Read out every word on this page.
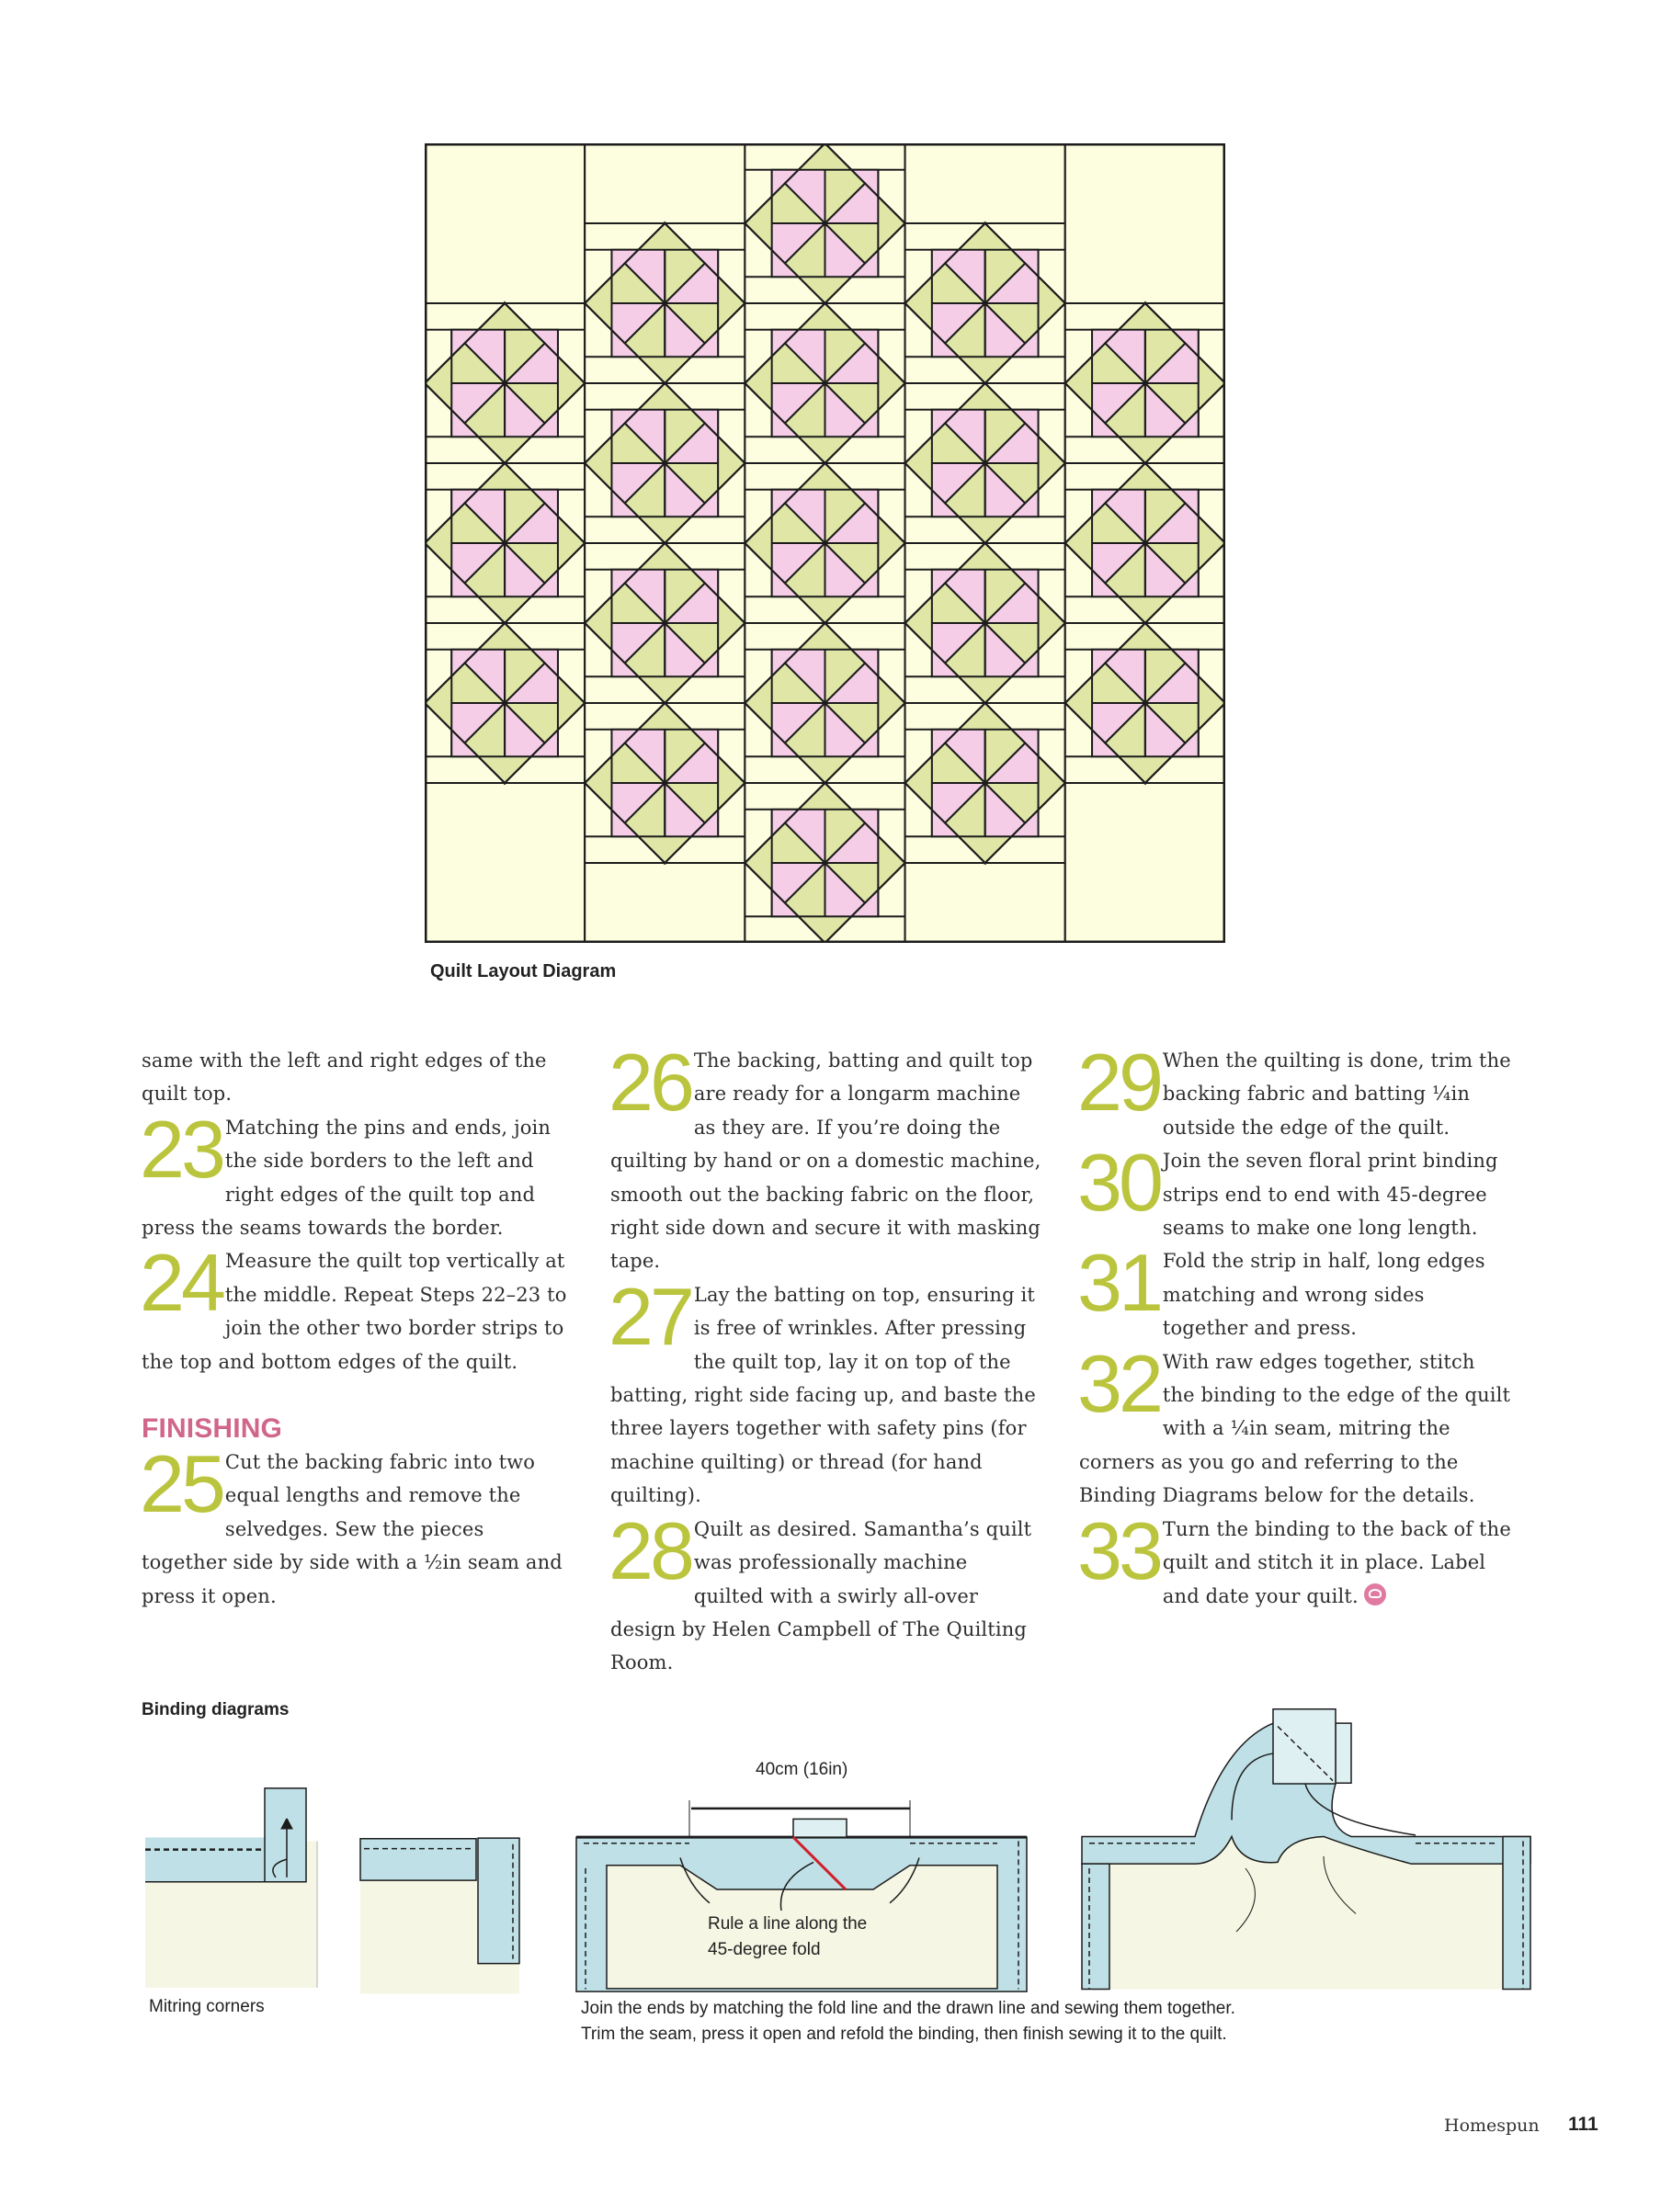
Quilt Layout Diagram

same with the left and right edges of the quilt top.

23 Matching the pins and ends, join the side borders to the left and right edges of the quilt top and press the seams towards the border.

24 Measure the quilt top vertically at the middle. Repeat Steps 22–23 to join the other two border strips to the top and bottom edges of the quilt.

FINISHING

25 Cut the backing fabric into two equal lengths and remove the selvedges. Sew the pieces together side by side with a ½in seam and press it open.

26 The backing, batting and quilt top are ready for a longarm machine as they are. If you’re doing the quilting by hand or on a domestic machine, smooth out the backing fabric on the floor, right side down and secure it with masking tape.

27 Lay the batting on top, ensuring it is free of wrinkles. After pressing the quilt top, lay it on top of the batting, right side facing up, and baste the three layers together with safety pins (for machine quilting) or thread (for hand quilting).

28 Quilt as desired. Samantha’s quilt was professionally machine quilted with a swirly all-over design by Helen Campbell of The Quilting Room.

29 When the quilting is done, trim the backing fabric and batting ¼in outside the edge of the quilt.

30 Join the seven floral print binding strips end to end with 45-degree seams to make one long length.

31 Fold the strip in half, long edges matching and wrong sides together and press.

32 With raw edges together, stitch the binding to the edge of the quilt with a ¼in seam, mitring the corners as you go and referring to the Binding Diagrams below for the details.

33 Turn the binding to the back of the quilt and stitch it in place. Label and date your quilt.

Binding diagrams
40cm (16in)
Rule a line along the
45-degree fold
Mitring corners	Join the ends by matching the fold line and the drawn line and sewing them together.
Trim the seam, press it open and refold the binding, then finish sewing it to the quilt.
Homespun 111
